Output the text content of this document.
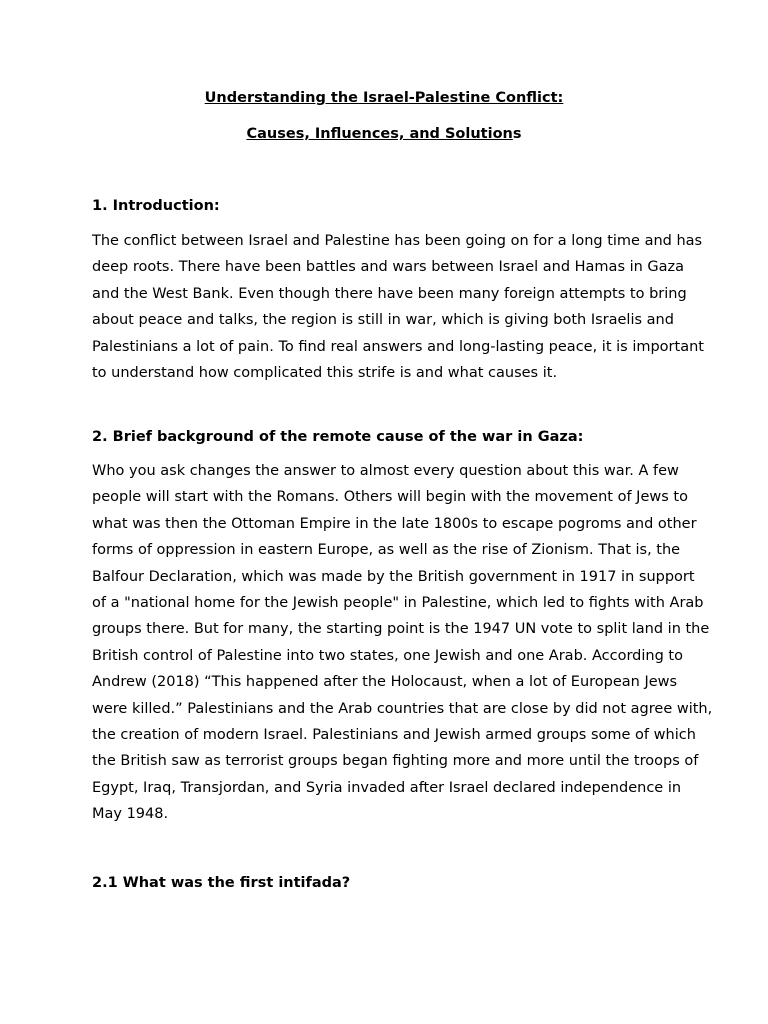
Understanding the Israel-Palestine Conflict:
Causes, Influences, and Solutions
1. Introduction:
The conflict between Israel and Palestine has been going on for a long time and has
deep roots. There have been battles and wars between Israel and Hamas in Gaza
and the West Bank. Even though there have been many foreign attempts to bring
about peace and talks, the region is still in war, which is giving both Israelis and
Palestinians a lot of pain. To find real answers and long-lasting peace, it is important
to understand how complicated this strife is and what causes it.
2. Brief background of the remote cause of the war in Gaza:
Who you ask changes the answer to almost every question about this war. A few
people will start with the Romans. Others will begin with the movement of Jews to
what was then the Ottoman Empire in the late 1800s to escape pogroms and other
forms of oppression in eastern Europe, as well as the rise of Zionism. That is, the
Balfour Declaration, which was made by the British government in 1917 in support
of a "national home for the Jewish people" in Palestine, which led to fights with Arab
groups there. But for many, the starting point is the 1947 UN vote to split land in the
British control of Palestine into two states, one Jewish and one Arab. According to
Andrew (2018) “This happened after the Holocaust, when a lot of European Jews
were killed.” Palestinians and the Arab countries that are close by did not agree with,
the creation of modern Israel. Palestinians and Jewish armed groups some of which
the British saw as terrorist groups began fighting more and more until the troops of
Egypt, Iraq, Transjordan, and Syria invaded after Israel declared independence in
May 1948.
2.1 What was the first intifada?
